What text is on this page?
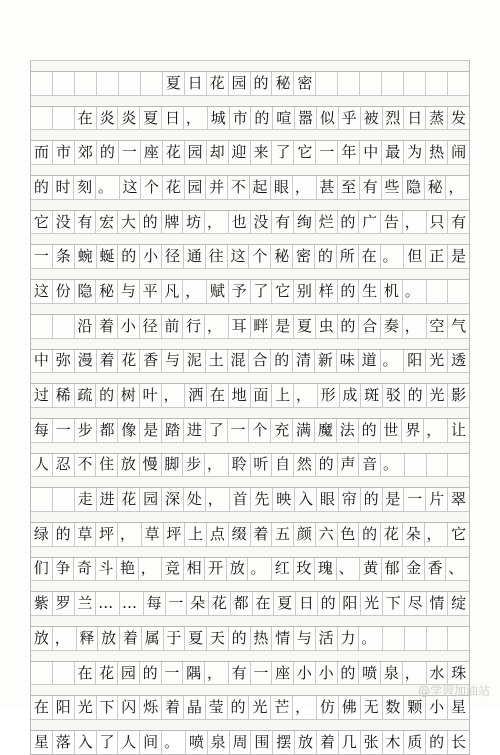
夏 日 花 园 的 秘 密
在 炎 炎 夏 日 ， 城 市 的 喧 嚣 似 乎 被 烈 日 蒸 发
而 市 郊 的 一 座 花 园 却 迎 来 了 它 一 年 中 最 为 热 闹
的 时 刻 。 这 个 花 园 并 不 起 眼 ， 甚 至 有 些 隐 秘 ，
它 没 有 宏 大 的 牌 坊 ， 也 没 有 绚 烂 的 广 告 ， 只 有
一 条 蜿 蜒 的 小 径 通 往 这 个 秘 密 的 所 在 。 但 正 是
这 份 隐 秘 与 平 凡 ， 赋 予 了 它 别 样 的 生 机 。
沿 着 小 径 前 行 ， 耳 畔 是 夏 虫 的 合 奏 ， 空 气
中 弥 漫 着 花 香 与 泥 土 混 合 的 清 新 味 道 。 阳 光 透
过 稀 疏 的 树 叶 ， 洒 在 地 面 上 ， 形 成 斑 驳 的 光 影
每 一 步 都 像 是 踏 进 了 一 个 充 满 魔 法 的 世 界 ， 让
人 忍 不 住 放 慢 脚 步 ， 聆 听 自 然 的 声 音 。
走 进 花 园 深 处 ， 首 先 映 入 眼 帘 的 是 一 片 翠
绿 的 草 坪 ， 草 坪 上 点 缀 着 五 颜 六 色 的 花 朵 ， 它
们 争 奇 斗 艳 ， 竞 相 开 放 。 红 玫 瑰 、 黄 郁 金 香 、
紫 罗 兰 … … 每 一 朵 花 都 在 夏 日 的 阳 光 下 尽 情 绽
放 ， 释 放 着 属 于 夏 天 的 热 情 与 活 力 。
在 花 园 的 一 隅 ， 有 一 座 小 小 的 喷 泉 ， 水 珠
在 阳 光 下 闪 烁 着 晶 莹 的 光 芒 ， 仿 佛 无 数 颗 小 星
星 落 入 了 人 间 。 喷 泉 周 围 摆 放 着 几 张 木 质 的 长
@学習加油站
